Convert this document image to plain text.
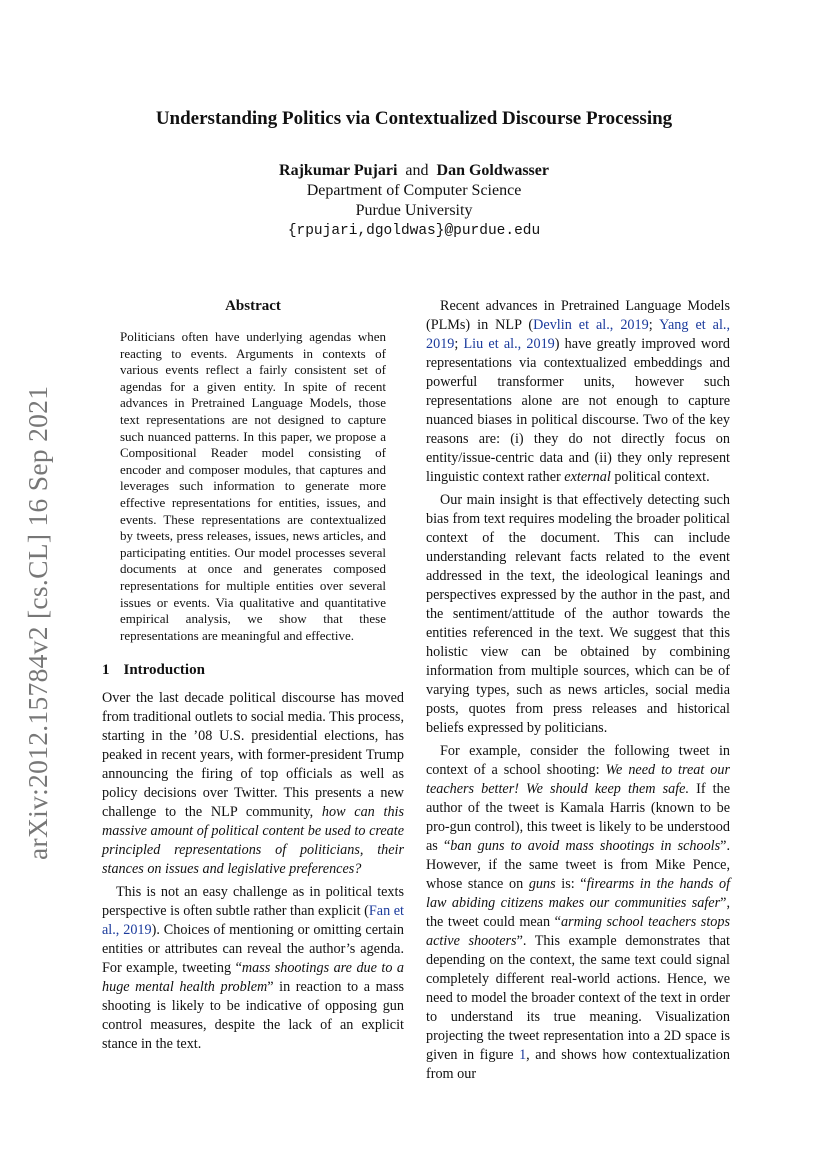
arXiv:2012.15784v2 [cs.CL] 16 Sep 2021
Understanding Politics via Contextualized Discourse Processing
Rajkumar Pujari and Dan Goldwasser
Department of Computer Science
Purdue University
{rpujari,dgoldwas}@purdue.edu
Abstract
Politicians often have underlying agendas when reacting to events. Arguments in contexts of various events reflect a fairly consistent set of agendas for a given entity. In spite of recent advances in Pretrained Language Models, those text representations are not designed to capture such nuanced patterns. In this paper, we propose a Compositional Reader model consisting of encoder and composer modules, that captures and leverages such information to generate more effective representations for entities, issues, and events. These representations are contextualized by tweets, press releases, issues, news articles, and participating entities. Our model processes several documents at once and generates composed representations for multiple entities over several issues or events. Via qualitative and quantitative empirical analysis, we show that these representations are meaningful and effective.
1 Introduction

Over the last decade political discourse has moved from traditional outlets to social media. This process, starting in the ’08 U.S. presidential elections, has peaked in recent years, with former-president Trump announcing the firing of top officials as well as policy decisions over Twitter. This presents a new challenge to the NLP community, how can this massive amount of political content be used to create principled representations of politicians, their stances on issues and legislative preferences?

This is not an easy challenge as in political texts perspective is often subtle rather than explicit (Fan et al., 2019). Choices of mentioning or omitting certain entities or attributes can reveal the author’s agenda. For example, tweeting “mass shootings are due to a huge mental health problem” in reaction to a mass shooting is likely to be indicative of opposing gun control measures, despite the lack of an explicit stance in the text.

Recent advances in Pretrained Language Models (PLMs) in NLP (Devlin et al., 2019; Yang et al., 2019; Liu et al., 2019) have greatly improved word representations via contextualized embeddings and powerful transformer units, however such representations alone are not enough to capture nuanced biases in political discourse. Two of the key reasons are: (i) they do not directly focus on entity/issue-centric data and (ii) they only represent linguistic context rather external political context.

Our main insight is that effectively detecting such bias from text requires modeling the broader political context of the document. This can include understanding relevant facts related to the event addressed in the text, the ideological leanings and perspectives expressed by the author in the past, and the sentiment/attitude of the author towards the entities referenced in the text. We suggest that this holistic view can be obtained by combining information from multiple sources, which can be of varying types, such as news articles, social media posts, quotes from press releases and historical beliefs expressed by politicians.

For example, consider the following tweet in context of a school shooting: We need to treat our teachers better! We should keep them safe. If the author of the tweet is Kamala Harris (known to be pro-gun control), this tweet is likely to be understood as “ban guns to avoid mass shootings in schools”. However, if the same tweet is from Mike Pence, whose stance on guns is: “firearms in the hands of law abiding citizens makes our communities safer”, the tweet could mean “arming school teachers stops active shooters”. This example demonstrates that depending on the context, the same text could signal completely different real-world actions. Hence, we need to model the broader context of the text in order to understand its true meaning. Visualization projecting the tweet representation into a 2D space is given in figure 1, and shows how contextualization from our
